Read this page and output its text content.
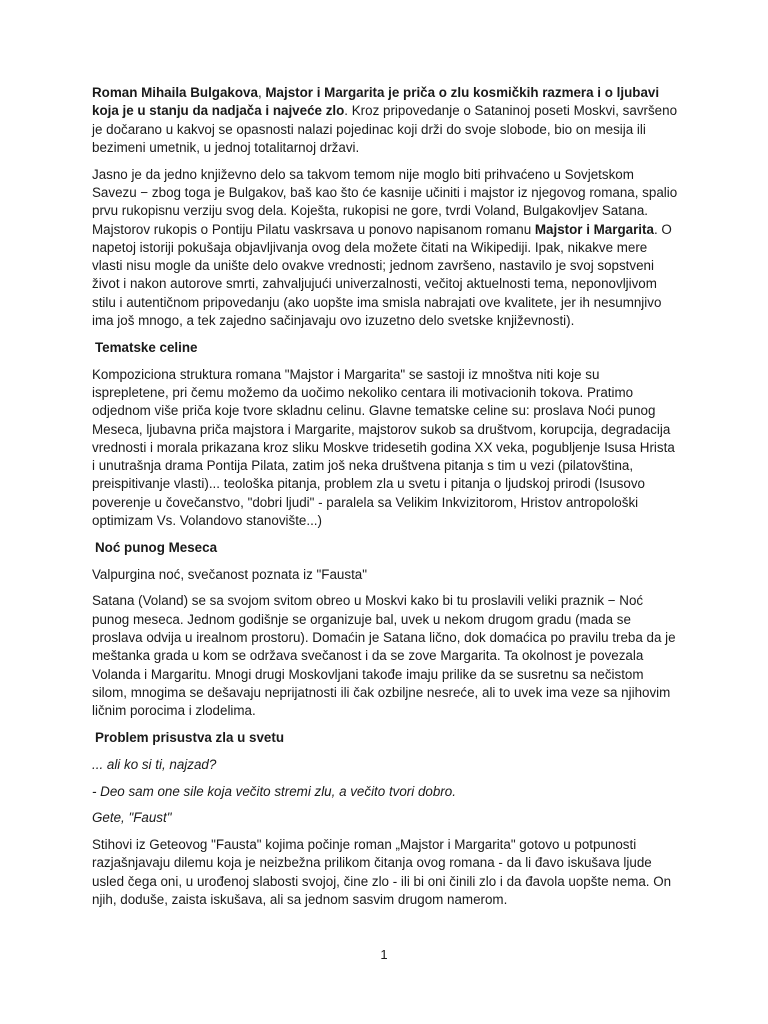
Roman Mihaila Bulgakova, Majstor i Margarita je priča o zlu kosmičkih razmera i o ljubavi koja je u stanju da nadjača i najveće zlo. Kroz pripovedanje o Sataninoj poseti Moskvi, savršeno je dočarano u kakvoj se opasnosti nalazi pojedinac koji drži do svoje slobode, bio on mesija ili bezimeni umetnik, u jednoj totalitarnoj državi.

Jasno je da jedno književno delo sa takvom temom nije moglo biti prihvaćeno u Sovjetskom Savezu − zbog toga je Bulgakov, baš kao što će kasnije učiniti i majstor iz njegovog romana, spalio prvu rukopisnu verziju svog dela. Koješta, rukopisi ne gore, tvrdi Voland, Bulgakovljev Satana. Majstorov rukopis o Pontiju Pilatu vaskrsava u ponovo napisanom romanu Majstor i Margarita. O napetoj istoriji pokušaja objavljivanja ovog dela možete čitati na Wikipediji. Ipak, nikakve mere vlasti nisu mogle da unište delo ovakve vrednosti; jednom završeno, nastavilo je svoj sopstveni život i nakon autorove smrti, zahvaljujući univerzalnosti, večitoj aktuelnosti tema, neponovljivom stilu i autentičnom pripovedanju (ako uopšte ima smisla nabrajati ove kvalitete, jer ih nesumnjivo ima još mnogo, a tek zajedno sačinjavaju ovo izuzetno delo svetske književnosti).

Tematske celine

Kompoziciona struktura romana "Majstor i Margarita" se sastoji iz mnoštva niti koje su isprepletene, pri čemu možemo da uočimo nekoliko centara ili motivacionih tokova. Pratimo odjednom više priča koje tvore skladnu celinu. Glavne tematske celine su: proslava Noći punog Meseca, ljubavna priča majstora i Margarite, majstorov sukob sa društvom, korupcija, degradacija vrednosti i morala prikazana kroz sliku Moskve tridesetih godina XX veka, pogubljenje Isusa Hrista i unutrašnja drama Pontija Pilata, zatim još neka društvena pitanja s tim u vezi (pilatovština, preispitivanje vlasti)... teološka pitanja, problem zla u svetu i pitanja o ljudskoj prirodi (Isusovo poverenje u čovečanstvo, "dobri ljudi" - paralela sa Velikim Inkvizitorom, Hristov antropološki optimizam Vs. Volandovo stanovište...)

Noć punog Meseca

Valpurgina noć, svečanost poznata iz "Fausta"

Satana (Voland) se sa svojom svitom obreo u Moskvi kako bi tu proslavili veliki praznik − Noć punog meseca. Jednom godišnje se organizuje bal, uvek u nekom drugom gradu (mada se proslava odvija u irealnom prostoru). Domaćin je Satana lično, dok domaćica po pravilu treba da je meštanka grada u kom se održava svečanost i da se zove Margarita. Ta okolnost je povezala Volanda i Margaritu. Mnogi drugi Moskovljani takođe imaju prilike da se susretnu sa nečistom silom, mnogima se dešavaju neprijatnosti ili čak ozbiljne nesreće, ali to uvek ima veze sa njihovim ličnim porocima i zlodelima.

Problem prisustva zla u svetu

... ali ko si ti, najzad?

- Deo sam one sile koja večito stremi zlu, a večito tvori dobro.

Gete, "Faust"

Stihovi iz Geteovog "Fausta" kojima počinje roman „Majstor i Margarita" gotovo u potpunosti razjašnjavaju dilemu koja je neizbežna prilikom čitanja ovog romana - da li đavo iskušava ljude usled čega oni, u urođenoj slabosti svojoj, čine zlo - ili bi oni činili zlo i da đavola uopšte nema. On njih, doduše, zaista iskušava, ali sa jednom sasvim drugom namerom.

1
